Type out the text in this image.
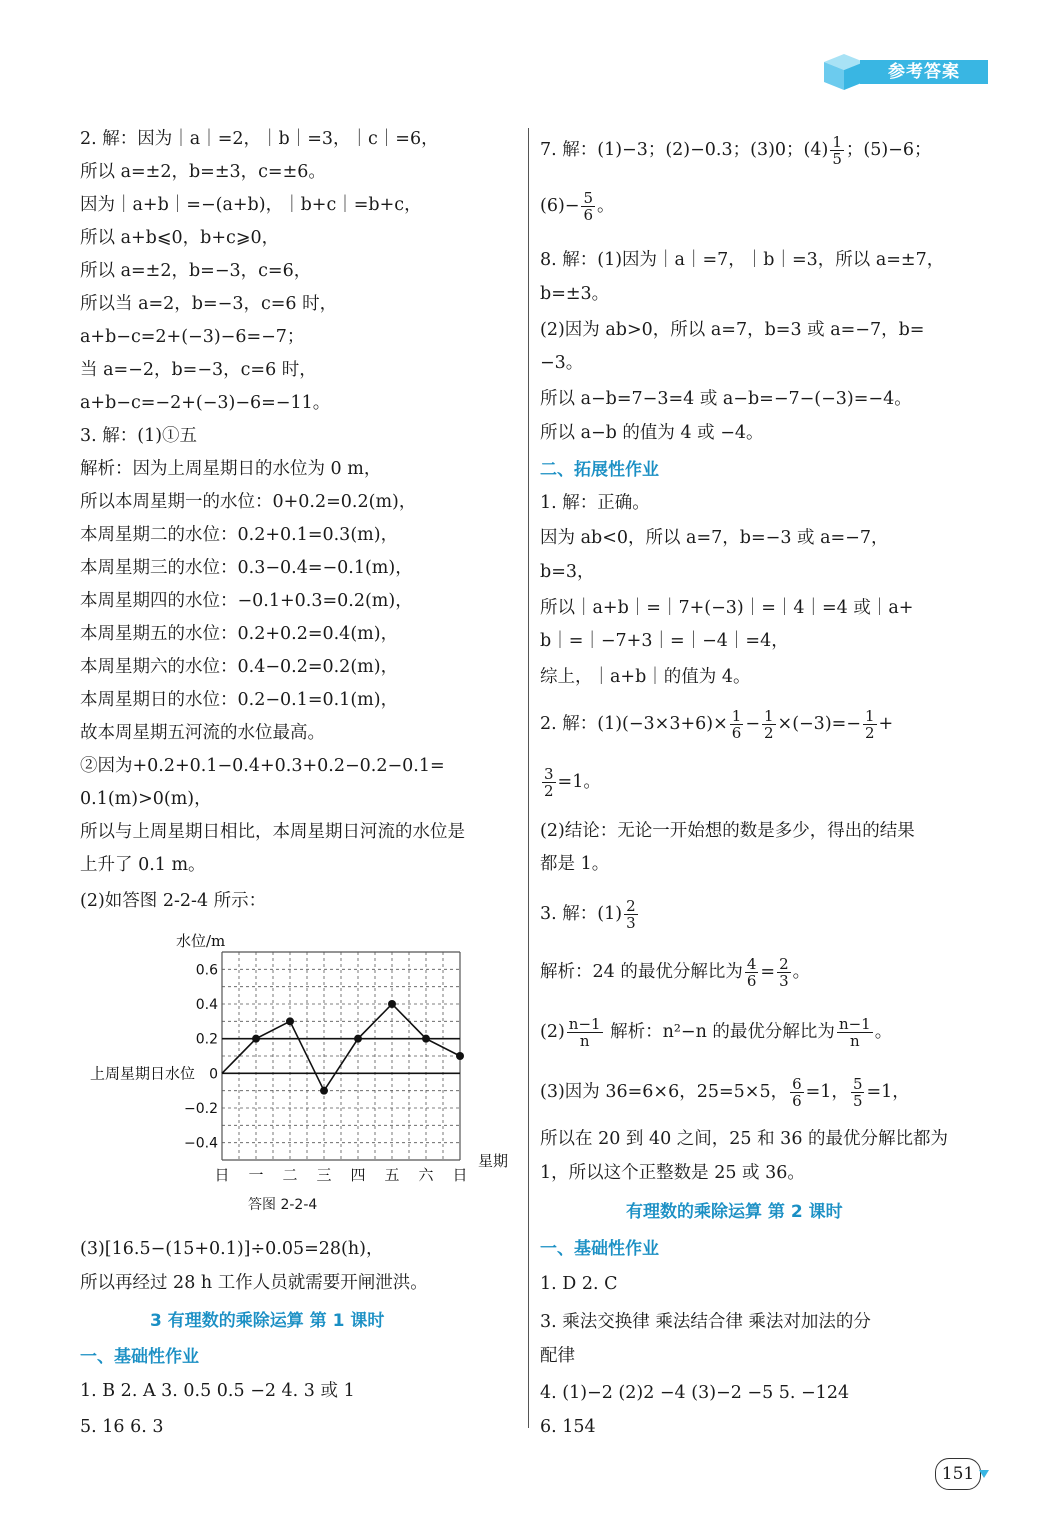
参考答案
2. 解：因为｜a｜=2，｜b｜=3，｜c｜=6，
所以 a=±2，b=±3，c=±6。
因为｜a+b｜=−(a+b)，｜b+c｜=b+c，
所以 a+b⩽0，b+c⩾0，
所以 a=±2，b=−3，c=6，
所以当 a=2，b=−3，c=6 时，
a+b−c=2+(−3)−6=−7；
当 a=−2，b=−3，c=6 时，
a+b−c=−2+(−3)−6=−11。
3. 解：(1)①五
解析：因为上周星期日的水位为 0 m，
所以本周星期一的水位：0+0.2=0.2(m)，
本周星期二的水位：0.2+0.1=0.3(m)，
本周星期三的水位：0.3−0.4=−0.1(m)，
本周星期四的水位：−0.1+0.3=0.2(m)，
本周星期五的水位：0.2+0.2=0.4(m)，
本周星期六的水位：0.4−0.2=0.2(m)，
本周星期日的水位：0.2−0.1=0.1(m)，
故本周星期五河流的水位最高。
②因为+0.2+0.1−0.4+0.3+0.2−0.2−0.1=
0.1(m)>0(m)，
所以与上周星期日相比，本周星期日河流的水位是
上升了 0.1 m。
(2)如答图 2-2-4 所示：
(3)[16.5−(15+0.1)]÷0.05=28(h)，
所以再经过 28 h 工作人员就需要开闸泄洪。
3 有理数的乘除运算 第 1 课时
一、基础性作业
1. B 2. A 3. 0.5 0.5 −2 4. 3 或 1
5. 16 6. 3
0.6
0.4
0.2
−0.2
−0.4
0
上周星期日水位
水位/m
日 一 二 三 四 五 六 日
星期
答图 2-2-4
7. 解：(1)−3；(2)−0.3；(3)0；$(4) \frac{1}{5}$ ；(5)−6；
$(6)- \frac{5}{6}$ 。
8. 解：(1)因为｜a｜=7，｜b｜=3，所以 a=±7，
b=±3。
(2)因为 ab>0，所以 a=7，b=3 或 a=−7，b=
−3。
所以 a−b=7−3=4 或 a−b=−7−(−3)=−4。
所以 a−b 的值为 4 或 −4。
二、拓展性作业
1. 解：正确。
因为 ab<0，所以 a=7，b=−3 或 a=−7，
b=3，
所以｜a+b｜=｜7+(−3)｜=｜4｜=4 或｜a+
b｜=｜−7+3｜=｜−4｜=4，
综上，｜a+b｜的值为 4。
2. 解：$(1)(-3\times 3+6)\times \frac{1}{6} - \frac{1}{2} \times(-3)=- \frac{1}{2}$ +
$\frac{3}{2} =1$。
(2)结论：无论一开始想的数是多少，得出的结果
都是 1。
3. 解：$(1) \frac{2}{3}$
解析：24 的最优分解比为 $\frac{4}{6} = \frac{2}{3}$ 。
$(2) \frac{n-1}{n}$ 解析：n²−n 的最优分解比为 $\frac{n-1}{n}$ 。
(3)因为 36=6×6，25=5×5， $\frac{6}{6} =1$， $\frac{5}{5} =1$，
所以在 20 到 40 之间，25 和 36 的最优分解比都为
1，所以这个正整数是 25 或 36。
有理数的乘除运算 第 2 课时
一、基础性作业
1. D 2. C
3. 乘法交换律 乘法结合律 乘法对加法的分
配律
4. (1)−2 (2)2 −4 (3)−2 −5 5. −124
6. 154
151
